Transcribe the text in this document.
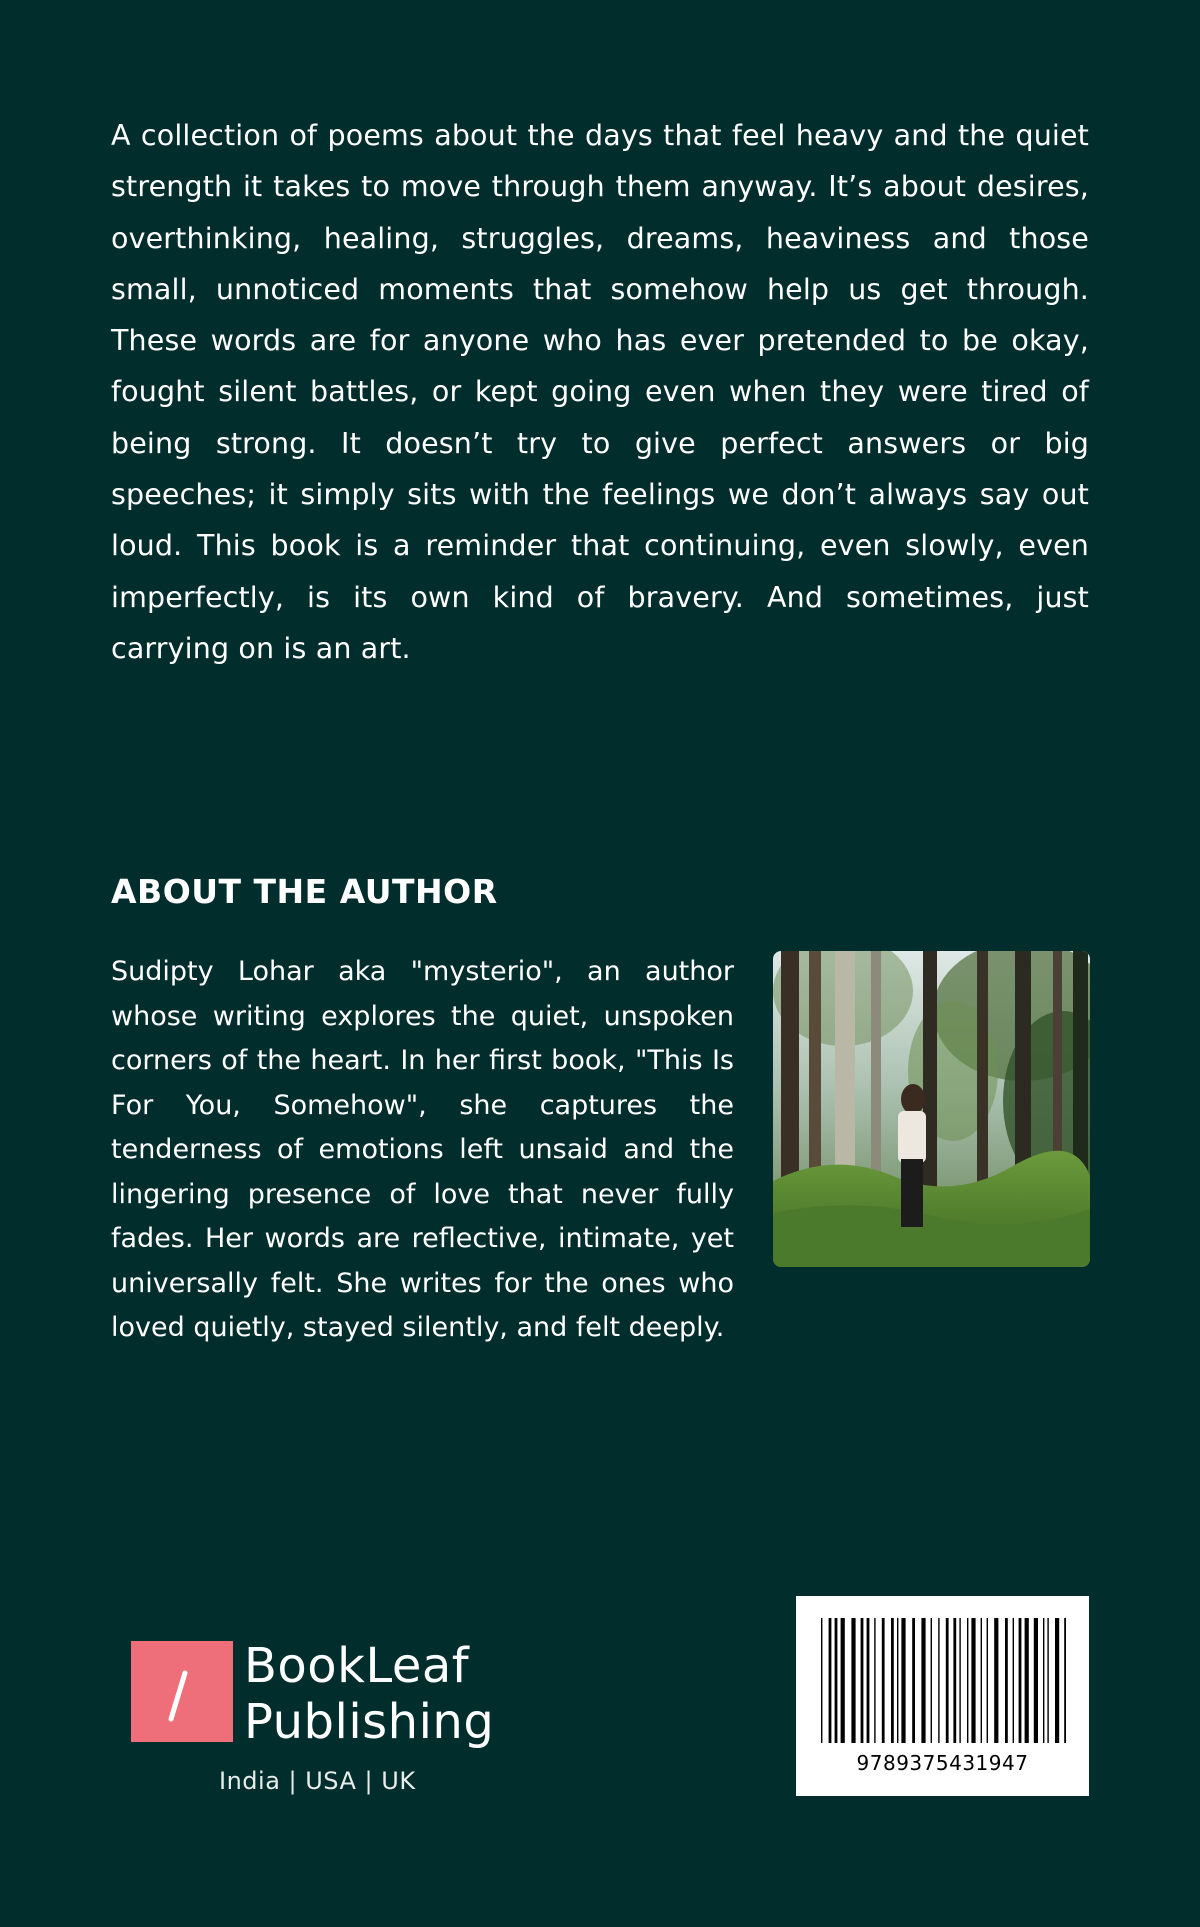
A collection of poems about the days that feel heavy and the quiet strength it takes to move through them anyway. It’s about desires, overthinking, healing, struggles, dreams, heaviness and those small, unnoticed moments that somehow help us get through. These words are for anyone who has ever pretended to be okay, fought silent battles, or kept going even when they were tired of being strong. It doesn’t try to give perfect answers or big speeches; it simply sits with the feelings we don’t always say out loud. This book is a reminder that continuing, even slowly, even imperfectly, is its own kind of bravery. And sometimes, just carrying on is an art.

ABOUT THE AUTHOR

Sudipty Lohar aka "mysterio", an author whose writing explores the quiet, unspoken corners of the heart. In her first book, "This Is For You, Somehow", she captures the tenderness of emotions left unsaid and the lingering presence of love that never fully fades. Her words are reflective, intimate, yet universally felt. She writes for the ones who loved quietly, stayed silently, and felt deeply.

BookLeaf
Publishing
India | USA | UK
9789375431947
